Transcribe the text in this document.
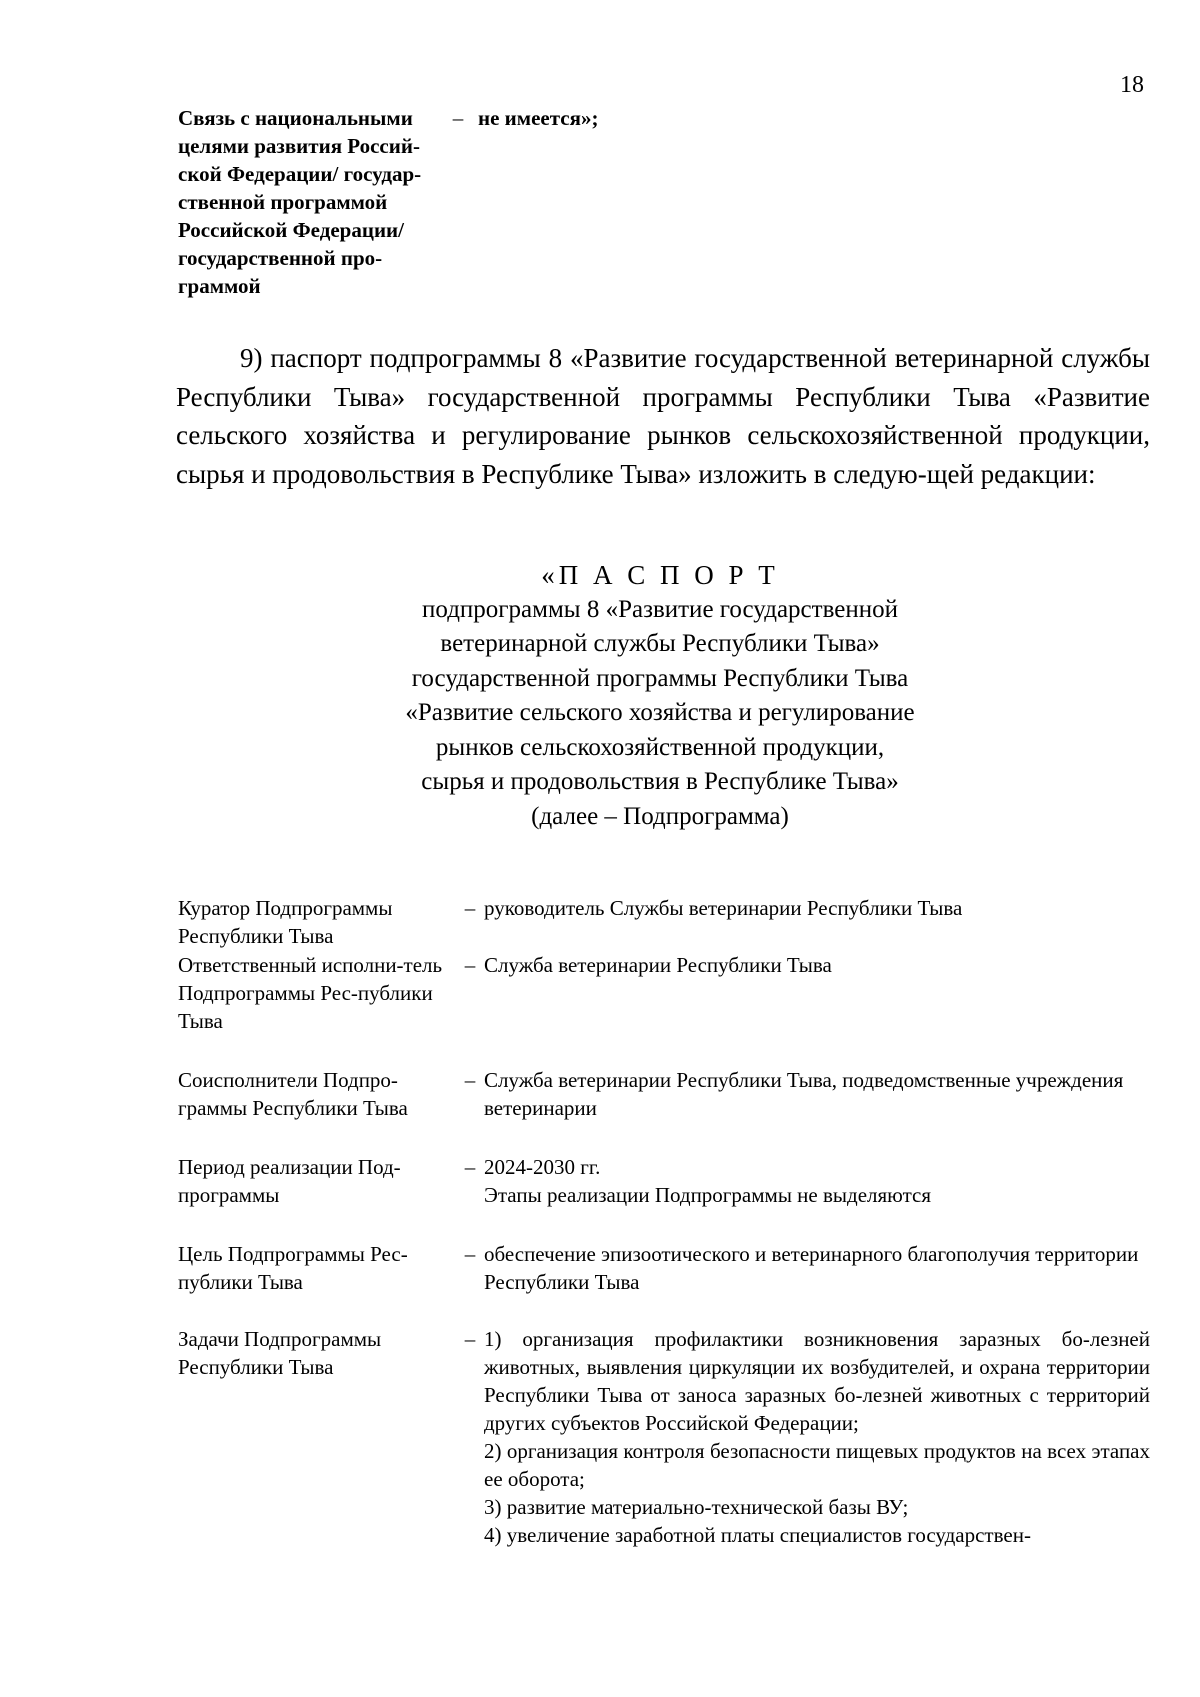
18
Связь с национальными целями развития Россий-ской Федерации/ государ-ственной программой Российской Федерации/ государственной про-граммой
– не имеется»;
9) паспорт подпрограммы 8 «Развитие государственной ветеринарной службы Республики Тыва» государственной программы Республики Тыва «Развитие сельского хозяйства и регулирование рынков сельскохозяйственной продукции, сырья и продовольствия в Республике Тыва» изложить в следую-щей редакции:
«П А С П О Р Т
подпрограммы 8 «Развитие государственной
ветеринарной службы Республики Тыва»
государственной программы Республики Тыва
«Развитие сельского хозяйства и регулирование
рынков сельскохозяйственной продукции,
сырья и продовольствия в Республике Тыва»
(далее – Подпрограмма)
Куратор Подпрограммы Республики Тыва
– руководитель Службы ветеринарии Республики Тыва
Ответственный исполни-тель Подпрограммы Рес-публики Тыва
– Служба ветеринарии Республики Тыва
Соисполнители Подпро-граммы Республики Тыва
– Служба ветеринарии Республики Тыва, подведомственные учреждения ветеринарии
Период реализации Под-программы
– 2024-2030 гг.
Этапы реализации Подпрограммы не выделяются
Цель Подпрограммы Рес-публики Тыва
– обеспечение эпизоотического и ветеринарного благополучия территории Республики Тыва
Задачи Подпрограммы Республики Тыва
– 1) организация профилактики возникновения заразных бо-лезней животных, выявления циркуляции их возбудителей, и охрана территории Республики Тыва от заноса заразных бо-лезней животных с территорий других субъектов Российской Федерации;
2) организация контроля безопасности пищевых продуктов на всех этапах ее оборота;
3) развитие материально-технической базы ВУ;
4) увеличение заработной платы специалистов государствен-
